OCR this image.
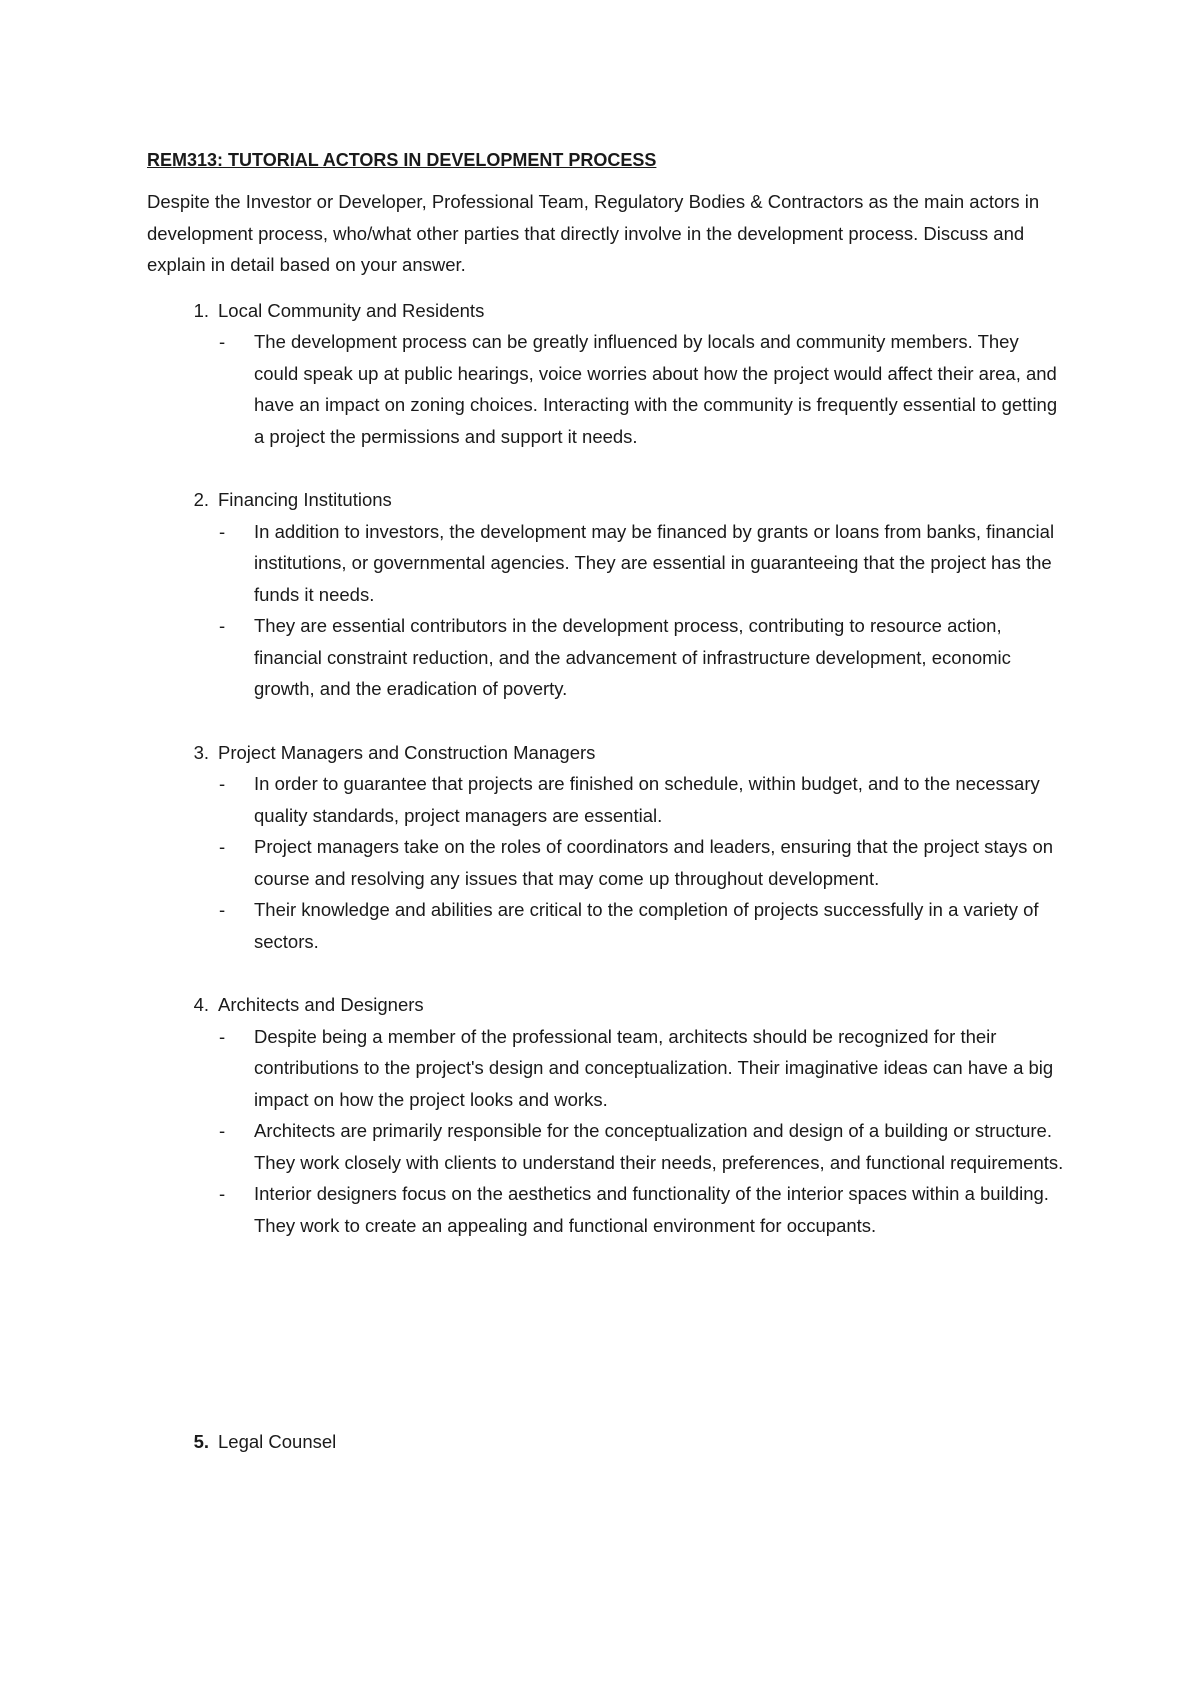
REM313: TUTORIAL ACTORS IN DEVELOPMENT PROCESS
Despite the Investor or Developer, Professional Team, Regulatory Bodies & Contractors as the main actors in development process, who/what other parties that directly involve in the development process. Discuss and explain in detail based on your answer.
1. Local Community and Residents
- The development process can be greatly influenced by locals and community members. They could speak up at public hearings, voice worries about how the project would affect their area, and have an impact on zoning choices. Interacting with the community is frequently essential to getting a project the permissions and support it needs.
2. Financing Institutions
- In addition to investors, the development may be financed by grants or loans from banks, financial institutions, or governmental agencies. They are essential in guaranteeing that the project has the funds it needs.
- They are essential contributors in the development process, contributing to resource action, financial constraint reduction, and the advancement of infrastructure development, economic growth, and the eradication of poverty.
3. Project Managers and Construction Managers
- In order to guarantee that projects are finished on schedule, within budget, and to the necessary quality standards, project managers are essential.
- Project managers take on the roles of coordinators and leaders, ensuring that the project stays on course and resolving any issues that may come up throughout development.
- Their knowledge and abilities are critical to the completion of projects successfully in a variety of sectors.
4. Architects and Designers
- Despite being a member of the professional team, architects should be recognized for their contributions to the project's design and conceptualization. Their imaginative ideas can have a big impact on how the project looks and works.
- Architects are primarily responsible for the conceptualization and design of a building or structure. They work closely with clients to understand their needs, preferences, and functional requirements.
- Interior designers focus on the aesthetics and functionality of the interior spaces within a building. They work to create an appealing and functional environment for occupants.
5. Legal Counsel
